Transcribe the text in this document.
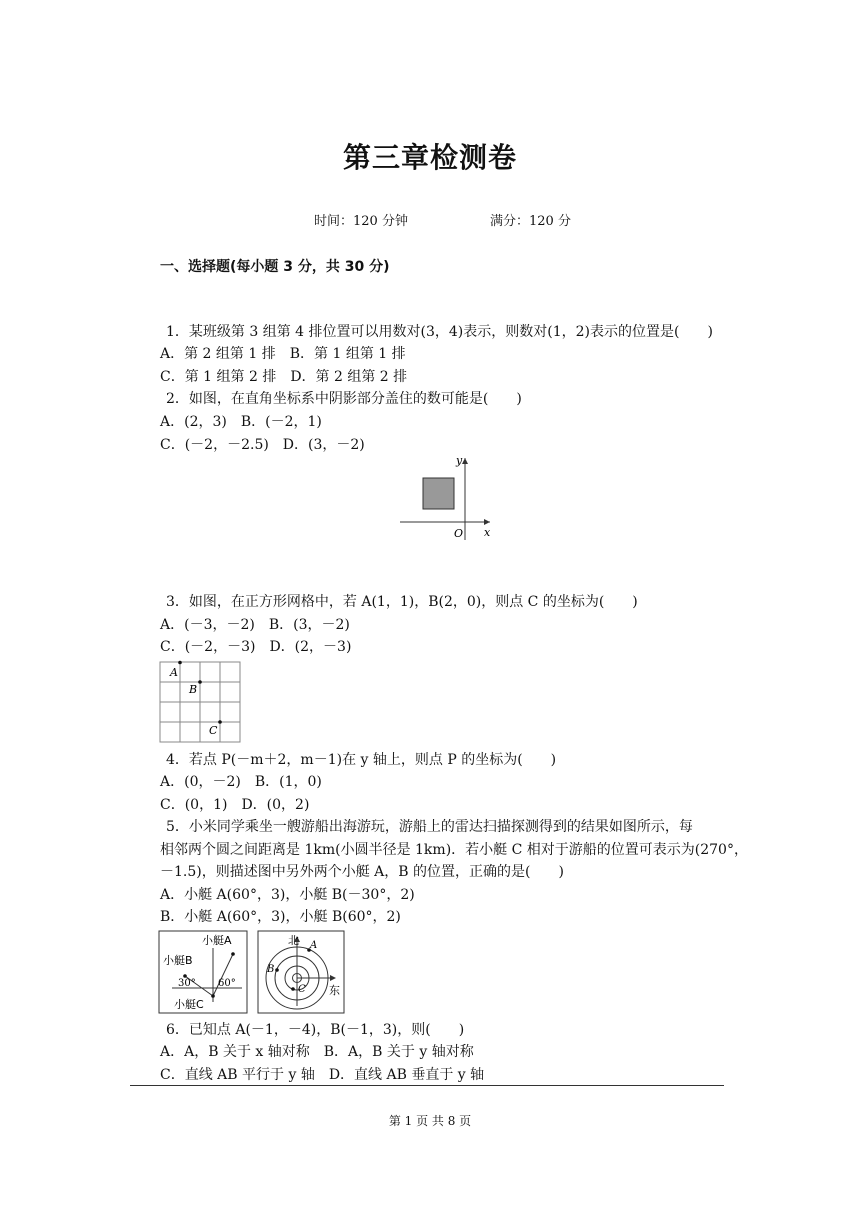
第三章检测卷
时间：120 分钟	满分：120 分
一、选择题(每小题 3 分，共 30 分)
1．某班级第 3 组第 4 排位置可以用数对(3，4)表示，则数对(1，2)表示的位置是(　　)
A．第 2 组第 1 排　B．第 1 组第 1 排
C．第 1 组第 2 排　D．第 2 组第 2 排
2．如图，在直角坐标系中阴影部分盖住的数可能是(　　)
A．(2，3)　B．(－2，1)
C．(－2，－2.5)　D．(3，－2)
y
x
O
3．如图，在正方形网格中，若 A(1，1)，B(2，0)，则点 C 的坐标为(　　)
A．(－3，－2)　B．(3，－2)
C．(－2，－3)　D．(2，－3)
A
B
C
4．若点 P(－m＋2，m－1)在 y 轴上，则点 P 的坐标为(　　)
A．(0，－2)　B．(1，0)
C．(0，1)　D．(0，2)
5．小米同学乘坐一艘游船出海游玩，游船上的雷达扫描探测得到的结果如图所示，每
相邻两个圆之间距离是 1km(小圆半径是 1km)．若小艇 C 相对于游船的位置可表示为(270°，
－1.5)，则描述图中另外两个小艇 A，B 的位置，正确的是(　　)
A．小艇 A(60°，3)，小艇 B(－30°，2)
B．小艇 A(60°，3)，小艇 B(60°，2)
小艇A
小艇B
小艇C
30° 60°
北
东
A
B
C
6．已知点 A(－1，－4)，B(－1，3)，则(　　)
A．A，B 关于 x 轴对称　B．A，B 关于 y 轴对称
C．直线 AB 平行于 y 轴　D．直线 AB 垂直于 y 轴
第 1 页 共 8 页
